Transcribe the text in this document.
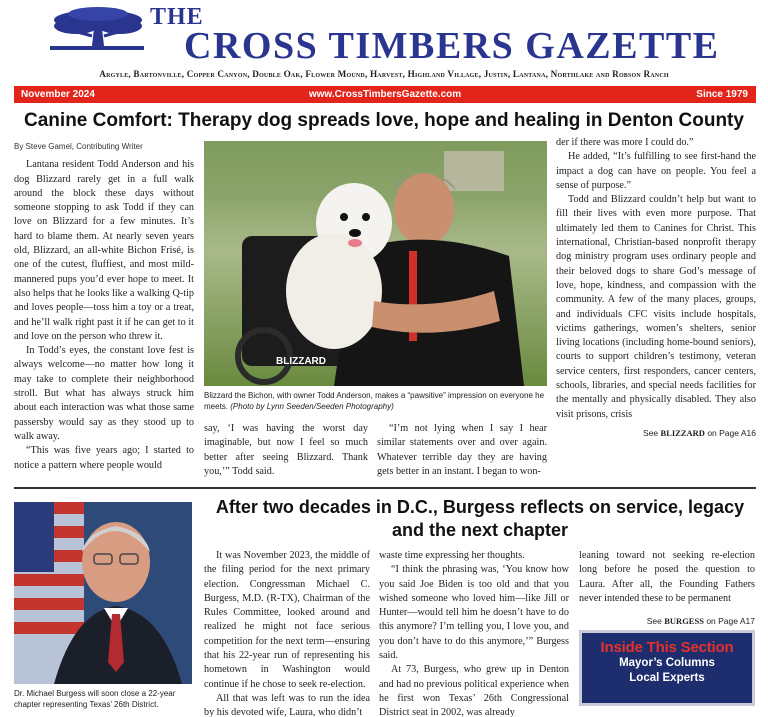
THE
CROSS TIMBERS GAZETTE
Argyle, Bartonville, Copper Canyon, Double Oak, Flower Mound, Harvest, Highland Village, Justin, Lantana, Northlake and Robson Ranch
www.CrossTimbersGazette.com
November 2024	Since 1979
Canine Comfort: Therapy dog spreads love, hope and healing in Denton County

By Steve Gamel, Contributing Writer

Lantana resident Todd Anderson and his dog Blizzard rarely get in a full walk around the block these days without someone stopping to ask Todd if they can love on Blizzard for a few minutes. It’s hard to blame them. At nearly seven years old, Blizzard, an all-white Bichon Frisé, is one of the cutest, fluffiest, and most mild-mannered pups you’d ever hope to meet. It also helps that he looks like a walking Q-tip and loves people—toss him a toy or a treat, and he’ll walk right past it if he can get to it and love on the person who threw it.

In Todd’s eyes, the constant love fest is always welcome—no matter how long it may take to complete their neighborhood stroll. But what has always struck him about each interaction was what those same passersby would say as they stood up to walk away.

“This was five years ago; I started to notice a pattern where people would

BLIZZARD
Blizzard the Bichon, with owner Todd Anderson, makes a “pawsitive” impression on everyone he meets. (Photo by Lynn Seeden/Seeden Photography)

say, ‘I was having the worst day imaginable, but now I feel so much better after seeing Blizzard. Thank you,’” Todd said.

“I’m not lying when I say I hear similar statements over and over again. Whatever terrible day they are having gets better in an instant. I began to won-

der if there was more I could do.”

He added, “It’s fulfilling to see first-hand the impact a dog can have on people. You feel a sense of purpose.”

Todd and Blizzard couldn’t help but want to fill their lives with even more purpose. That ultimately led them to Canines for Christ. This international, Christian-based nonprofit therapy dog ministry program uses ordinary people and their beloved dogs to share God’s message of love, hope, kindness, and compassion with the community. A few of the many places, groups, and individuals CFC visits include hospitals, victims gatherings, women’s shelters, senior living locations (including home-bound seniors), courts to support children’s testimony, veteran service centers, first responders, cancer centers, schools, libraries, and special needs facilities for the mentally and physically disabled. They also visit prisons, crisis

See BLIZZARD on Page A16

Dr. Michael Burgess will soon close a 22-year chapter representing Texas’ 26th District.
After two decades in D.C., Burgess reflects on service, legacy and the next chapter

It was November 2023, the middle of the filing period for the next primary election. Congressman Michael C. Burgess, M.D. (R-TX), Chairman of the Rules Committee, looked around and realized he might not face serious competition for the next term—ensuring that his 22-year run of representing his hometown in Washington would continue if he chose to seek re-election.

All that was left was to run the idea by his devoted wife, Laura, who didn’t

waste time expressing her thoughts.

“I think the phrasing was, ‘You know how you said Joe Biden is too old and that you wished someone who loved him—like Jill or Hunter—would tell him he doesn’t have to do this anymore? I’m telling you, I love you, and you don’t have to do this anymore,’” Burgess said.

At 73, Burgess, who grew up in Denton and had no previous political experience when he first won Texas’ 26th Congressional District seat in 2002, was already

leaning toward not seeking re-election long before he posed the question to Laura. After all, the Founding Fathers never intended these to be permanent

See BURGESS on Page A17

Inside This Section
Mayor’s Columns
Local Experts
